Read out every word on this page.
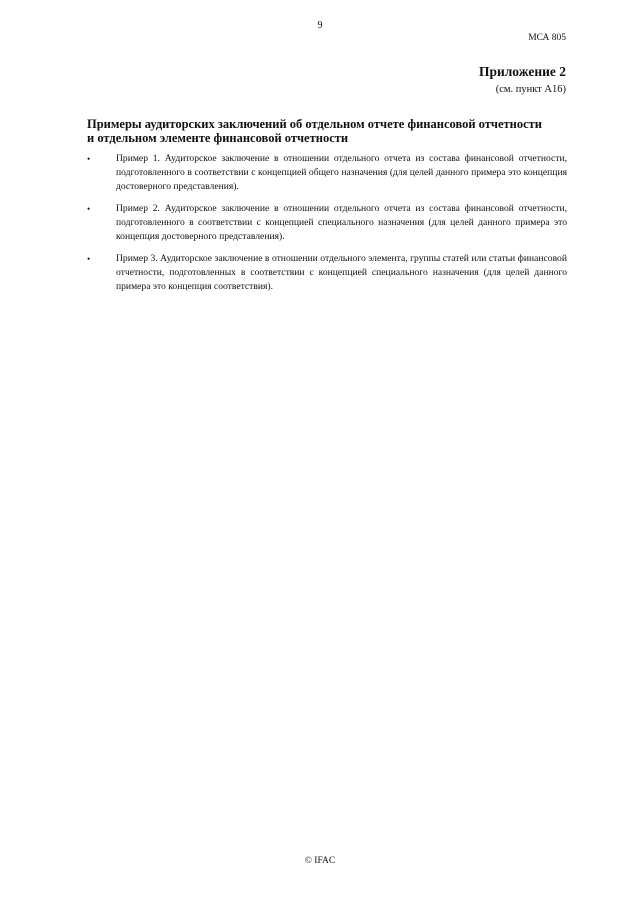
9
МСА 805
Приложение 2
(см. пункт A16)
Примеры аудиторских заключений об отдельном отчете финансовой отчетности
и отдельном элементе финансовой отчетности
•	Пример 1. Аудиторское заключение в отношении отдельного отчета из состава финансовой отчетности, подготовленного в соответствии с концепцией общего назначения (для целей данного примера это концепция достоверного представления).
•	Пример 2. Аудиторское заключение в отношении отдельного отчета из состава финансовой отчетности, подготовленного в соответствии с концепцией специального назначения (для целей данного примера это концепция достоверного представления).
•	Пример 3. Аудиторское заключение в отношении отдельного элемента, группы статей или статьи финансовой отчетности, подготовленных в соответствии с концепцией специального назначения (для целей данного примера это концепция соответствия).
© IFAC
